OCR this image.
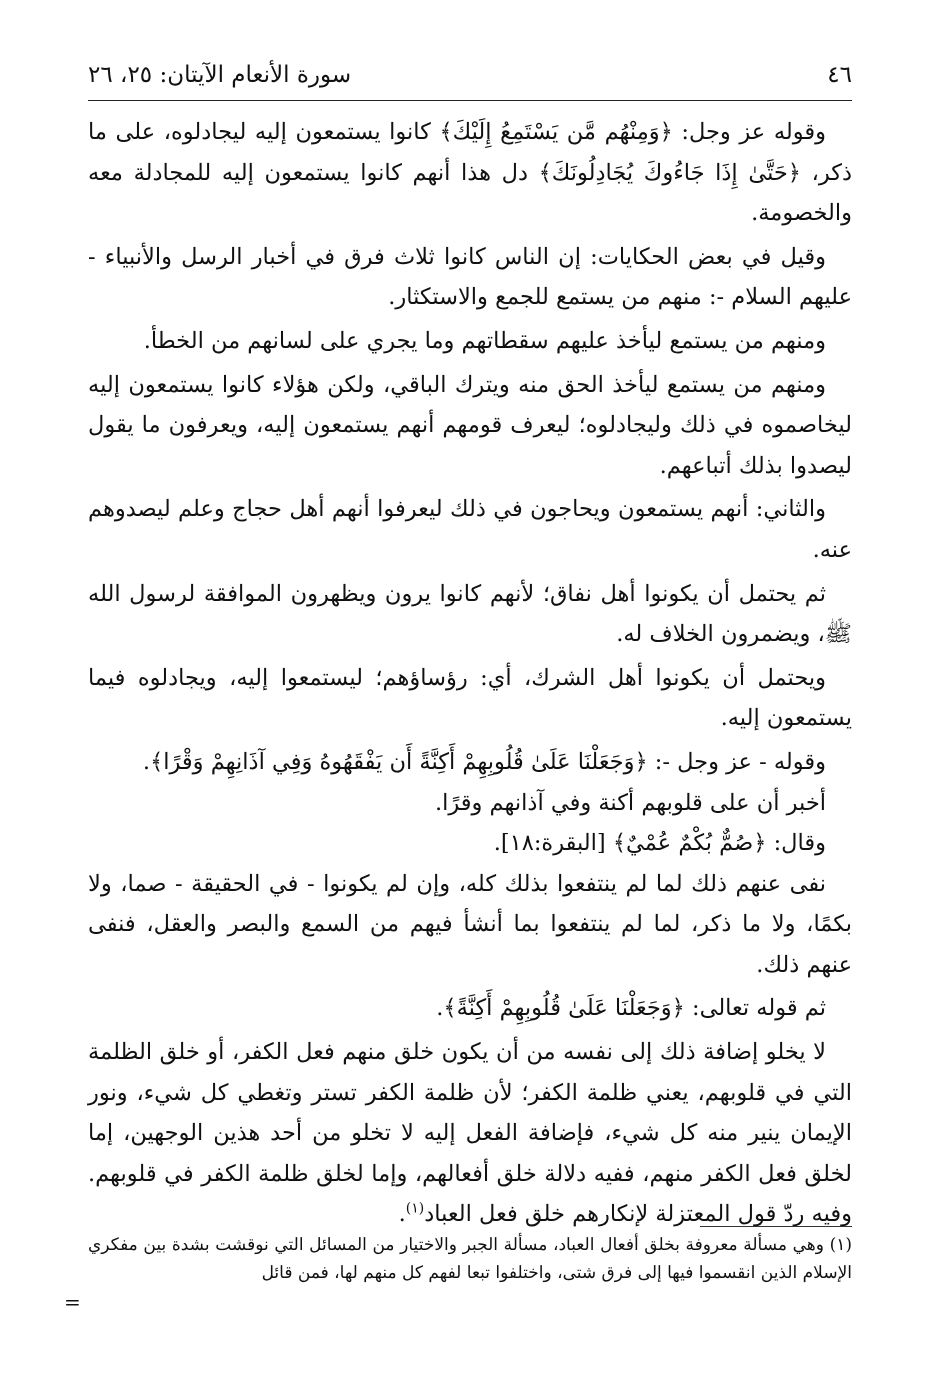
٤٦
سورة الأنعام الآيتان: ٢٥، ٢٦

وقوله عز وجل: ﴿وَمِنْهُم مَّن يَسْتَمِعُ إِلَيْكَ﴾ كانوا يستمعون إليه ليجادلوه، على ما ذكر، ﴿حَتَّىٰ إِذَا جَاءُوكَ يُجَادِلُونَكَ﴾ دل هذا أنهم كانوا يستمعون إليه للمجادلة معه والخصومة.

وقيل في بعض الحكايات: إن الناس كانوا ثلاث فرق في أخبار الرسل والأنبياء - عليهم السلام -: منهم من يستمع للجمع والاستكثار.

ومنهم من يستمع ليأخذ عليهم سقطاتهم وما يجري على لسانهم من الخطأ.

ومنهم من يستمع ليأخذ الحق منه ويترك الباقي، ولكن هؤلاء كانوا يستمعون إليه ليخاصموه في ذلك وليجادلوه؛ ليعرف قومهم أنهم يستمعون إليه، ويعرفون ما يقول ليصدوا بذلك أتباعهم.

والثاني: أنهم يستمعون ويحاجون في ذلك ليعرفوا أنهم أهل حجاج وعلم ليصدوهم عنه.

ثم يحتمل أن يكونوا أهل نفاق؛ لأنهم كانوا يرون ويظهرون الموافقة لرسول الله ﷺ، ويضمرون الخلاف له.

ويحتمل أن يكونوا أهل الشرك، أي: رؤساؤهم؛ ليستمعوا إليه، ويجادلوه فيما يستمعون إليه.

وقوله - عز وجل -: ﴿وَجَعَلْنَا عَلَىٰ قُلُوبِهِمْ أَكِنَّةً أَن يَفْقَهُوهُ وَفِي آذَانِهِمْ وَقْرًا﴾.

أخبر أن على قلوبهم أكنة وفي آذانهم وقرًا.

وقال: ﴿صُمٌّ بُكْمٌ عُمْيٌ﴾ [البقرة:١٨].

نفى عنهم ذلك لما لم ينتفعوا بذلك كله، وإن لم يكونوا - في الحقيقة - صما، ولا بكمًا، ولا ما ذكر، لما لم ينتفعوا بما أنشأ فيهم من السمع والبصر والعقل، فنفى عنهم ذلك.

ثم قوله تعالى: ﴿وَجَعَلْنَا عَلَىٰ قُلُوبِهِمْ أَكِنَّةً﴾.

لا يخلو إضافة ذلك إلى نفسه من أن يكون خلق منهم فعل الكفر، أو خلق الظلمة التي في قلوبهم، يعني ظلمة الكفر؛ لأن ظلمة الكفر تستر وتغطي كل شيء، ونور الإيمان ينير منه كل شيء، فإضافة الفعل إليه لا تخلو من أحد هذين الوجهين، إما لخلق فعل الكفر منهم، ففيه دلالة خلق أفعالهم، وإما لخلق ظلمة الكفر في قلوبهم. وفيه ردّ قول المعتزلة لإنكارهم خلق فعل العباد$^{(١)}$.

(١) وهي مسألة معروفة بخلق أفعال العباد، مسألة الجبر والاختيار من المسائل التي نوقشت بشدة بين مفكري الإسلام الذين انقسموا فيها إلى فرق شتى، واختلفوا تبعا لفهم كل منهم لها، فمن قائل

=
